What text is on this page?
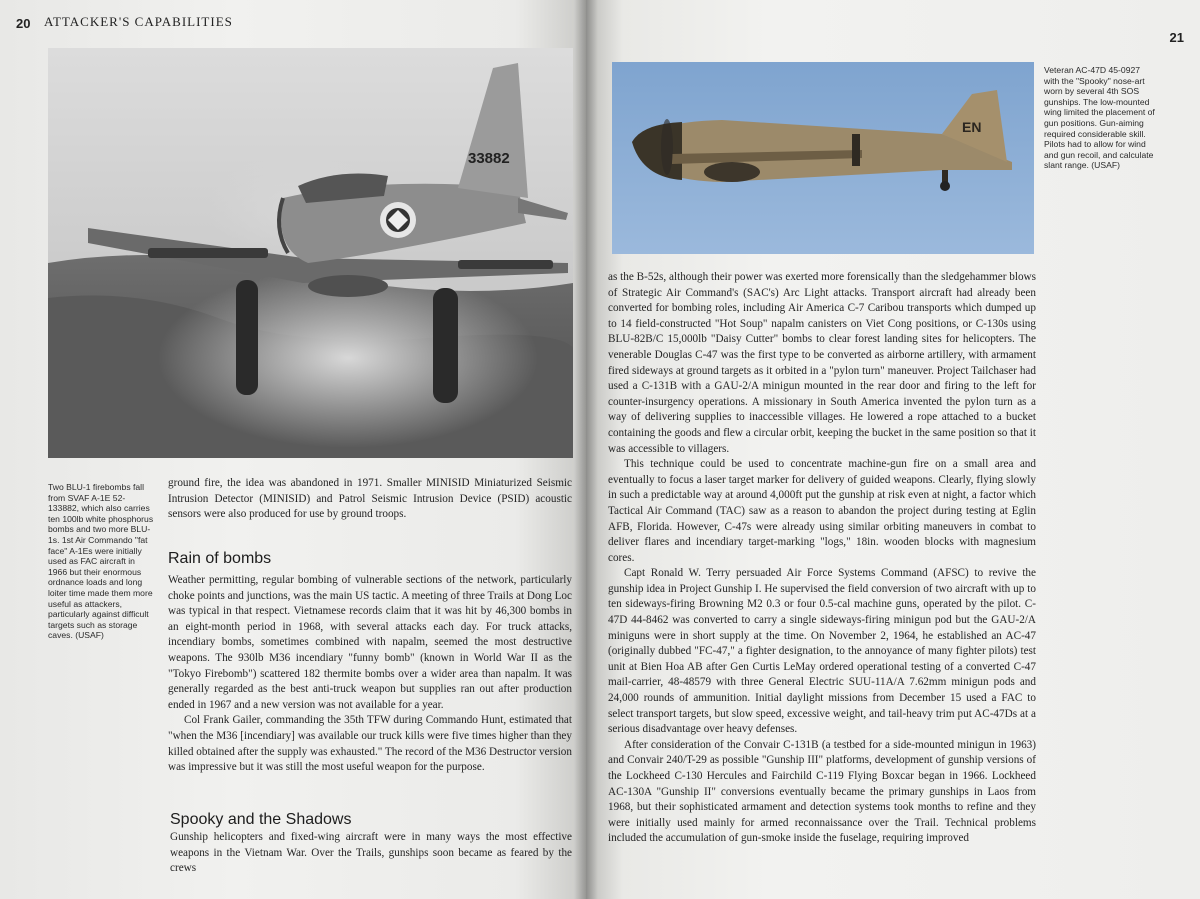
20 ATTACKER'S CAPABILITIES
33882
Two BLU-1 firebombs fall from SVAF A-1E 52-133882, which also carries ten 100lb white phosphorus bombs and two more BLU-1s. 1st Air Commando "fat face" A-1Es were initially used as FAC aircraft in 1966 but their enormous ordnance loads and long loiter time made them more useful as attackers, particularly against difficult targets such as storage caves. (USAF)

ground fire, the idea was abandoned in 1971. Smaller MINISID Miniaturized Seismic Intrusion Detector (MINISID) and Patrol Seismic Intrusion Device (PSID) acoustic sensors were also produced for use by ground troops.

Rain of bombs

Weather permitting, regular bombing of vulnerable sections of the network, particularly choke points and junctions, was the main US tactic. A meeting of three Trails at Dong Loc was typical in that respect. Vietnamese records claim that it was hit by 46,300 bombs in an eight-month period in 1968, with several attacks each day. For truck attacks, incendiary bombs, sometimes combined with napalm, seemed the most destructive weapons. The 930lb M36 incendiary "funny bomb" (known in World War II as the "Tokyo Firebomb") scattered 182 thermite bombs over a wider area than napalm. It was generally regarded as the best anti-truck weapon but supplies ran out after production ended in 1967 and a new version was not available for a year.

Col Frank Gailer, commanding the 35th TFW during Commando Hunt, estimated that "when the M36 [incendiary] was available our truck kills were five times higher than they killed obtained after the supply was exhausted." The record of the M36 Destructor version was impressive but it was still the most useful weapon for the purpose.

Spooky and the Shadows

Gunship helicopters and fixed-wing aircraft were in many ways the most effective weapons in the Vietnam War. Over the Trails, gunships soon became as feared by the crews

21
EN
Veteran AC-47D 45-0927 with the "Spooky" nose-art worn by several 4th SOS gunships. The low-mounted wing limited the placement of gun positions. Gun-aiming required considerable skill. Pilots had to allow for wind and gun recoil, and calculate slant range. (USAF)

as the B-52s, although their power was exerted more forensically than the sledgehammer blows of Strategic Air Command's (SAC's) Arc Light attacks. Transport aircraft had already been converted for bombing roles, including Air America C-7 Caribou transports which dumped up to 14 field-constructed "Hot Soup" napalm canisters on Viet Cong positions, or C-130s using BLU-82B/C 15,000lb "Daisy Cutter" bombs to clear forest landing sites for helicopters. The venerable Douglas C-47 was the first type to be converted as airborne artillery, with armament fired sideways at ground targets as it orbited in a "pylon turn" maneuver. Project Tailchaser had used a C-131B with a GAU-2/A minigun mounted in the rear door and firing to the left for counter-insurgency operations. A missionary in South America invented the pylon turn as a way of delivering supplies to inaccessible villages. He lowered a rope attached to a bucket containing the goods and flew a circular orbit, keeping the bucket in the same position so that it was accessible to villagers.

This technique could be used to concentrate machine-gun fire on a small area and eventually to focus a laser target marker for delivery of guided weapons. Clearly, flying slowly in such a predictable way at around 4,000ft put the gunship at risk even at night, a factor which Tactical Air Command (TAC) saw as a reason to abandon the project during testing at Eglin AFB, Florida. However, C-47s were already using similar orbiting maneuvers in combat to deliver flares and incendiary target-marking "logs," 18in. wooden blocks with magnesium cores.

Capt Ronald W. Terry persuaded Air Force Systems Command (AFSC) to revive the gunship idea in Project Gunship I. He supervised the field conversion of two aircraft with up to ten sideways-firing Browning M2 0.3 or four 0.5-cal machine guns, operated by the pilot. C-47D 44-8462 was converted to carry a single sideways-firing minigun pod but the GAU-2/A miniguns were in short supply at the time. On November 2, 1964, he established an AC-47 (originally dubbed "FC-47," a fighter designation, to the annoyance of many fighter pilots) test unit at Bien Hoa AB after Gen Curtis LeMay ordered operational testing of a converted C-47 mail-carrier, 48-48579 with three General Electric SUU-11A/A 7.62mm minigun pods and 24,000 rounds of ammunition. Initial daylight missions from December 15 used a FAC to select transport targets, but slow speed, excessive weight, and tail-heavy trim put AC-47Ds at a serious disadvantage over heavy defenses.

After consideration of the Convair C-131B (a testbed for a side-mounted minigun in 1963) and Convair 240/T-29 as possible "Gunship III" platforms, development of gunship versions of the Lockheed C-130 Hercules and Fairchild C-119 Flying Boxcar began in 1966. Lockheed AC-130A "Gunship II" conversions eventually became the primary gunships in Laos from 1968, but their sophisticated armament and detection systems took months to refine and they were initially used mainly for armed reconnaissance over the Trail. Technical problems included the accumulation of gun-smoke inside the fuselage, requiring improved
